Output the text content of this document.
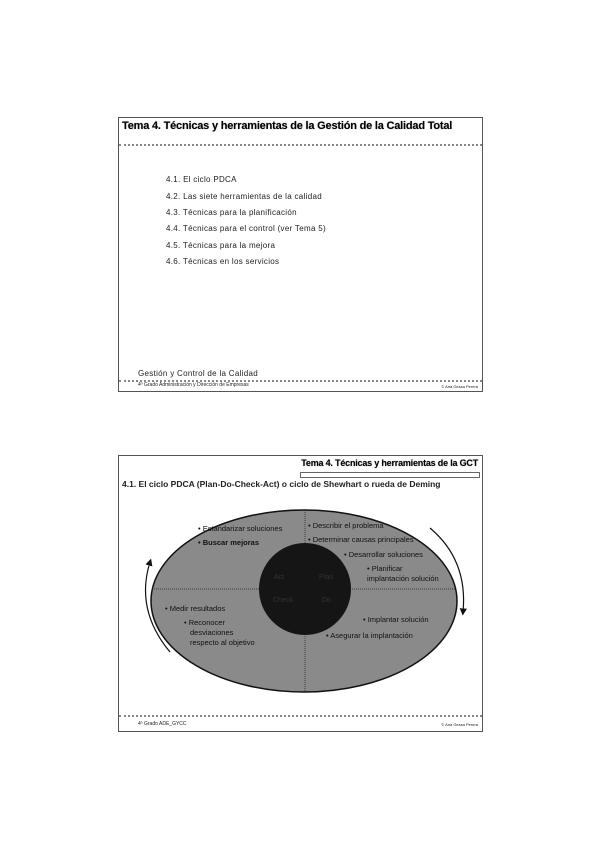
Tema 4. Técnicas y herramientas de la Gestión de la Calidad Total
4.1. El ciclo PDCA
4.2. Las siete herramientas de la calidad
4.3. Técnicas para la planificación
4.4. Técnicas para el control (ver Tema 5)
4.5. Técnicas para la mejora
4.6. Técnicas en los servicios
Gestión y Control de la Calidad
4º Grado Administración y Dirección de Empresas	© Ana Gessa Perera
Tema 4. Técnicas y herramientas de la GCT
4.1. El ciclo PDCA (Plan-Do-Check-Act) o ciclo de Shewhart o rueda de Deming
Act	Plan
Check	Do
• Estandarizar soluciones
• Buscar mejoras
• Describir el problema
• Determinar causas principales
• Desarrollar soluciones
• Planificar
implantación solución
• Medir resultados
• Reconocer
desviaciones
respecto al objetivo
• Implantar solución
• Asegurar la implantación
4º Grado ADE_GYCC	© Ana Gessa Perera
